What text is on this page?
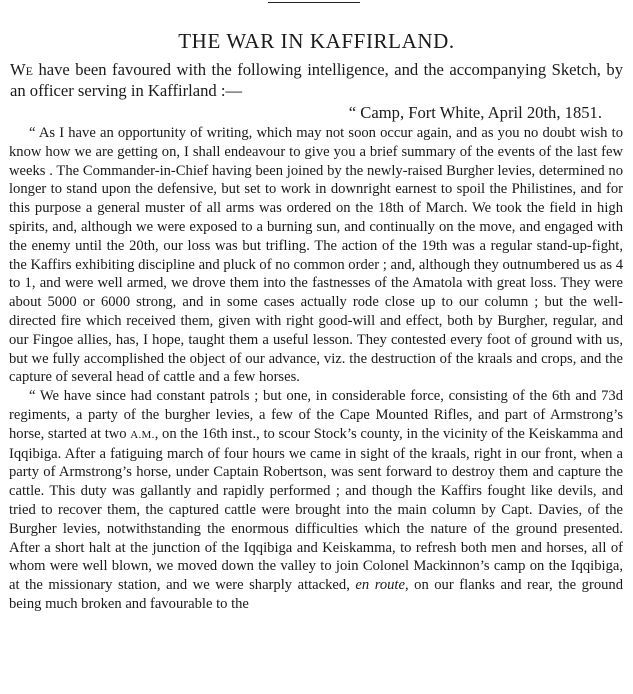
THE WAR IN KAFFIRLAND.
We have been favoured with the following intelligence, and the accompanying Sketch, by an officer serving in Kaffirland :—
“ Camp, Fort White, April 20th, 1851.

“ As I have an opportunity of writing, which may not soon occur again, and as you no doubt wish to know how we are getting on, I shall endeavour to give you a brief summary of the events of the last few weeks . The Commander-in-Chief having been joined by the newly-raised Burgher levies, determined no longer to stand upon the defensive, but set to work in downright earnest to spoil the Philistines, and for this purpose a general muster of all arms was ordered on the 18th of March. We took the field in high spirits, and, although we were exposed to a burning sun, and continually on the move, and engaged with the enemy until the 20th, our loss was but trifling. The action of the 19th was a regular stand-up-fight, the Kaffirs exhibiting discipline and pluck of no common order ; and, although they outnumbered us as 4 to 1, and were well armed, we drove them into the fastnesses of the Amatola with great loss. They were about 5000 or 6000 strong, and in some cases actually rode close up to our column ; but the well-directed fire which received them, given with right good-will and effect, both by Burgher, regular, and our Fingoe allies, has, I hope, taught them a useful lesson. They contested every foot of ground with us, but we fully accomplished the object of our advance, viz. the destruction of the kraals and crops, and the capture of several head of cattle and a few horses.

“ We have since had constant patrols ; but one, in considerable force, consisting of the 6th and 73d regiments, a party of the burgher levies, a few of the Cape Mounted Rifles, and part of Armstrong’s horse, started at two A.M., on the 16th inst., to scour Stock’s county, in the vicinity of the Keiskamma and Iqqibiga. After a fatiguing march of four hours we came in sight of the kraals, right in our front, when a party of Armstrong’s horse, under Captain Robertson, was sent forward to destroy them and capture the cattle. This duty was gallantly and rapidly performed ; and though the Kaffirs fought like devils, and tried to recover them, the captured cattle were brought into the main column by Capt. Davies, of the Burgher levies, notwithstanding the enormous difficulties which the nature of the ground presented. After a short halt at the junction of the Iqqibiga and Keiskamma, to refresh both men and horses, all of whom were well blown, we moved down the valley to join Colonel Mackinnon’s camp on the Iqqibiga, at the missionary station, and we were sharply attacked, en route, on our flanks and rear, the ground being much broken and favourable to the
